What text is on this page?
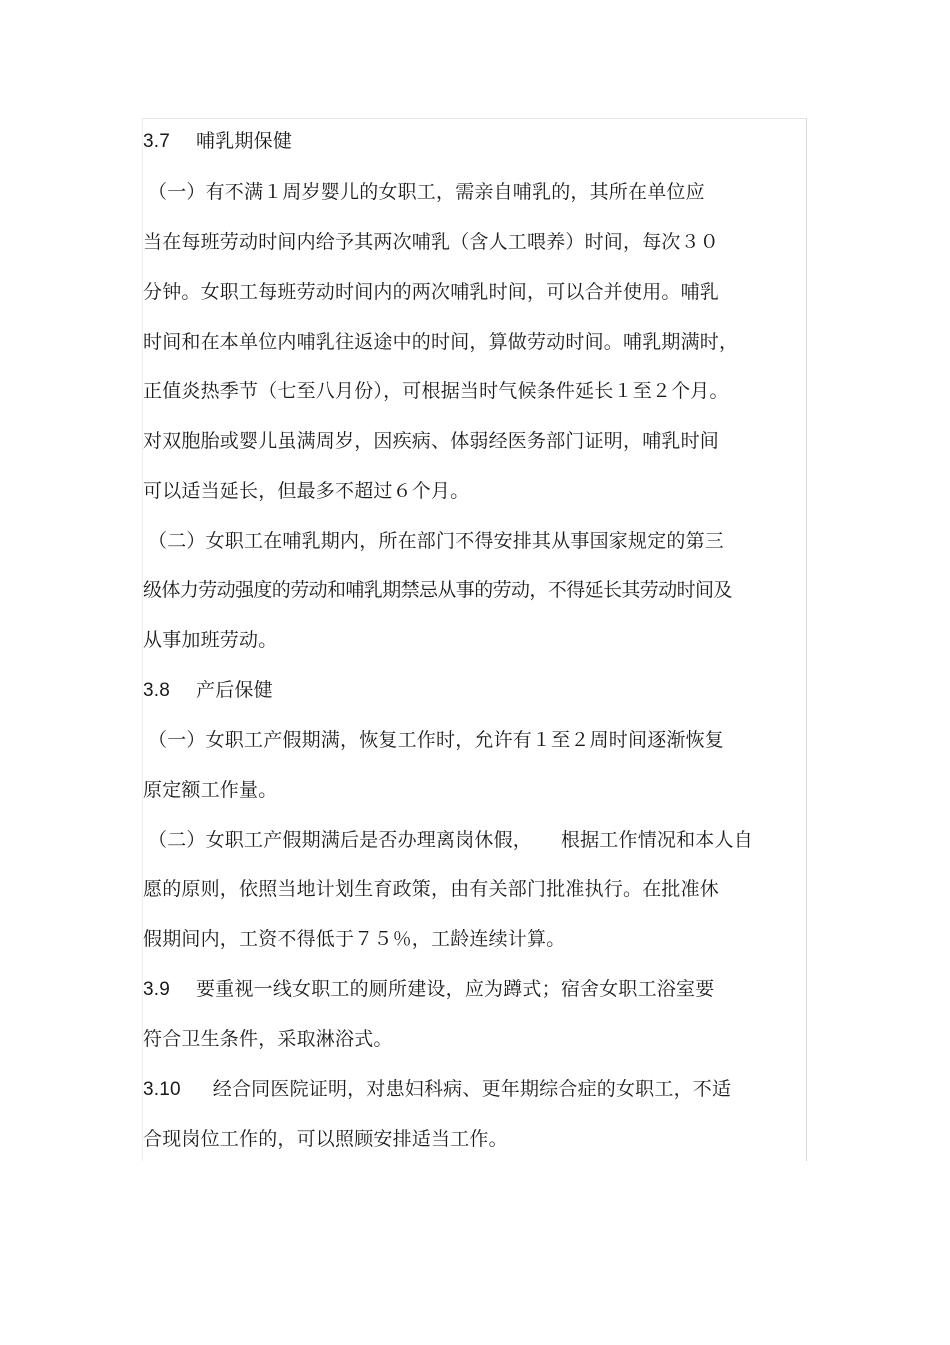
3.7 哺乳期保健
（一）有不满１周岁婴儿的女职工，需亲自哺乳的，其所在单位应
当在每班劳动时间内给予其两次哺乳（含人工喂养）时间，每次３０
分钟。女职工每班劳动时间内的两次哺乳时间，可以合并使用。哺乳
时间和在本单位内哺乳往返途中的时间，算做劳动时间。哺乳期满时，
正值炎热季节（七至八月份），可根据当时气候条件延长１至２个月。
对双胞胎或婴儿虽满周岁，因疾病、体弱经医务部门证明，哺乳时间
可以适当延长，但最多不超过６个月。
（二）女职工在哺乳期内，所在部门不得安排其从事国家规定的第三
级体力劳动强度的劳动和哺乳期禁忌从事的劳动，不得延长其劳动时间及
从事加班劳动。
3.8 产后保健
（一）女职工产假期满，恢复工作时，允许有１至２周时间逐渐恢复
原定额工作量。
（二）女职工产假期满后是否办理离岗休假，　　根据工作情况和本人自
愿的原则，依照当地计划生育政策，由有关部门批准执行。在批准休
假期间内，工资不得低于７５％，工龄连续计算。
3.9 要重视一线女职工的厕所建设，应为蹲式；宿舍女职工浴室要
符合卫生条件，采取淋浴式。
3.10 经合同医院证明，对患妇科病、更年期综合症的女职工，不适
合现岗位工作的，可以照顾安排适当工作。
